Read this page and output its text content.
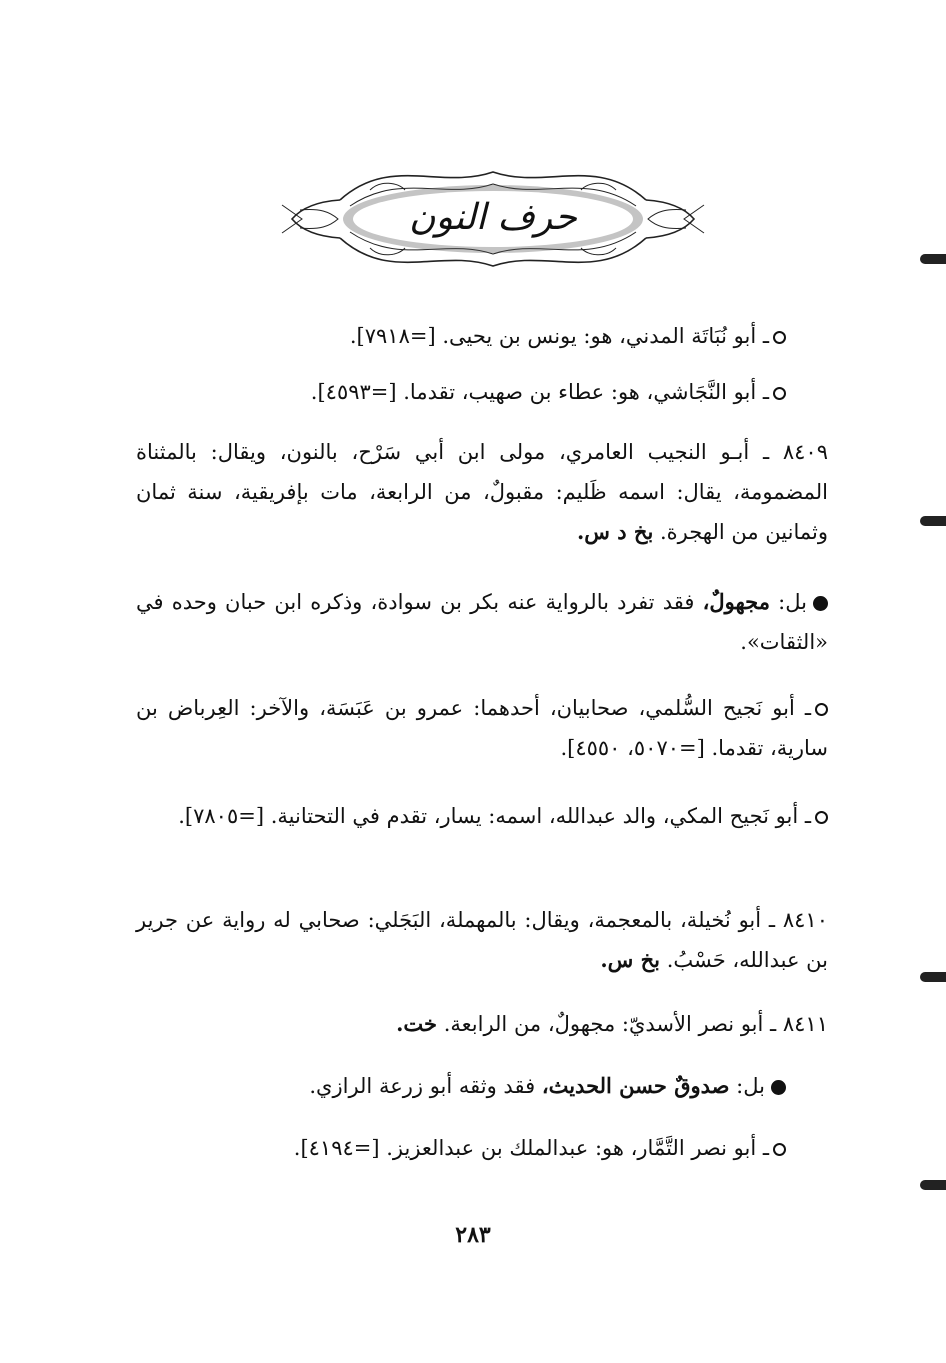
حرف النون
ـ أبو نُبَاتَة المدني، هو: يونس بن يحيى. [=٧٩١٨].
ـ أبو النَّجَاشي، هو: عطاء بن صهيب، تقدما. [=٤٥٩٣].
٨٤٠٩ ـ أبـو النجيب العامري، مولى ابن أبي سَرْح، بالنون، ويقال: بالمثناة المضمومة، يقال: اسمه ظَليم: مقبولٌ، من الرابعة، مات بإفريقية، سنة ثمان وثمانين من الهجرة. بخ د س.
بل: مجهولٌ، فقد تفرد بالرواية عنه بكر بن سوادة، وذكره ابن حبان وحده في «الثقات».
ـ أبو نَجيح السُّلمي، صحابيان، أحدهما: عمرو بن عَبَسَة، والآخر: العِرباض بن سارية، تقدما. [=٥٠٧٠، ٤٥٥٠].
ـ أبو نَجيح المكي، والد عبدالله، اسمه: يسار، تقدم في التحتانية. [=٧٨٠٥].
٨٤١٠ ـ أبو نُخيلة، بالمعجمة، ويقال: بالمهملة، البَجَلي: صحابي له رواية عن جرير بن عبدالله، حَسْبُ. بخ س.
٨٤١١ ـ أبو نصر الأسديّ: مجهولٌ، من الرابعة. خت.
بل: صدوقٌ حسن الحديث، فقد وثقه أبو زرعة الرازي.
ـ أبو نصر التَّمَّار، هو: عبدالملك بن عبدالعزيز. [=٤١٩٤].
٢٨٣
